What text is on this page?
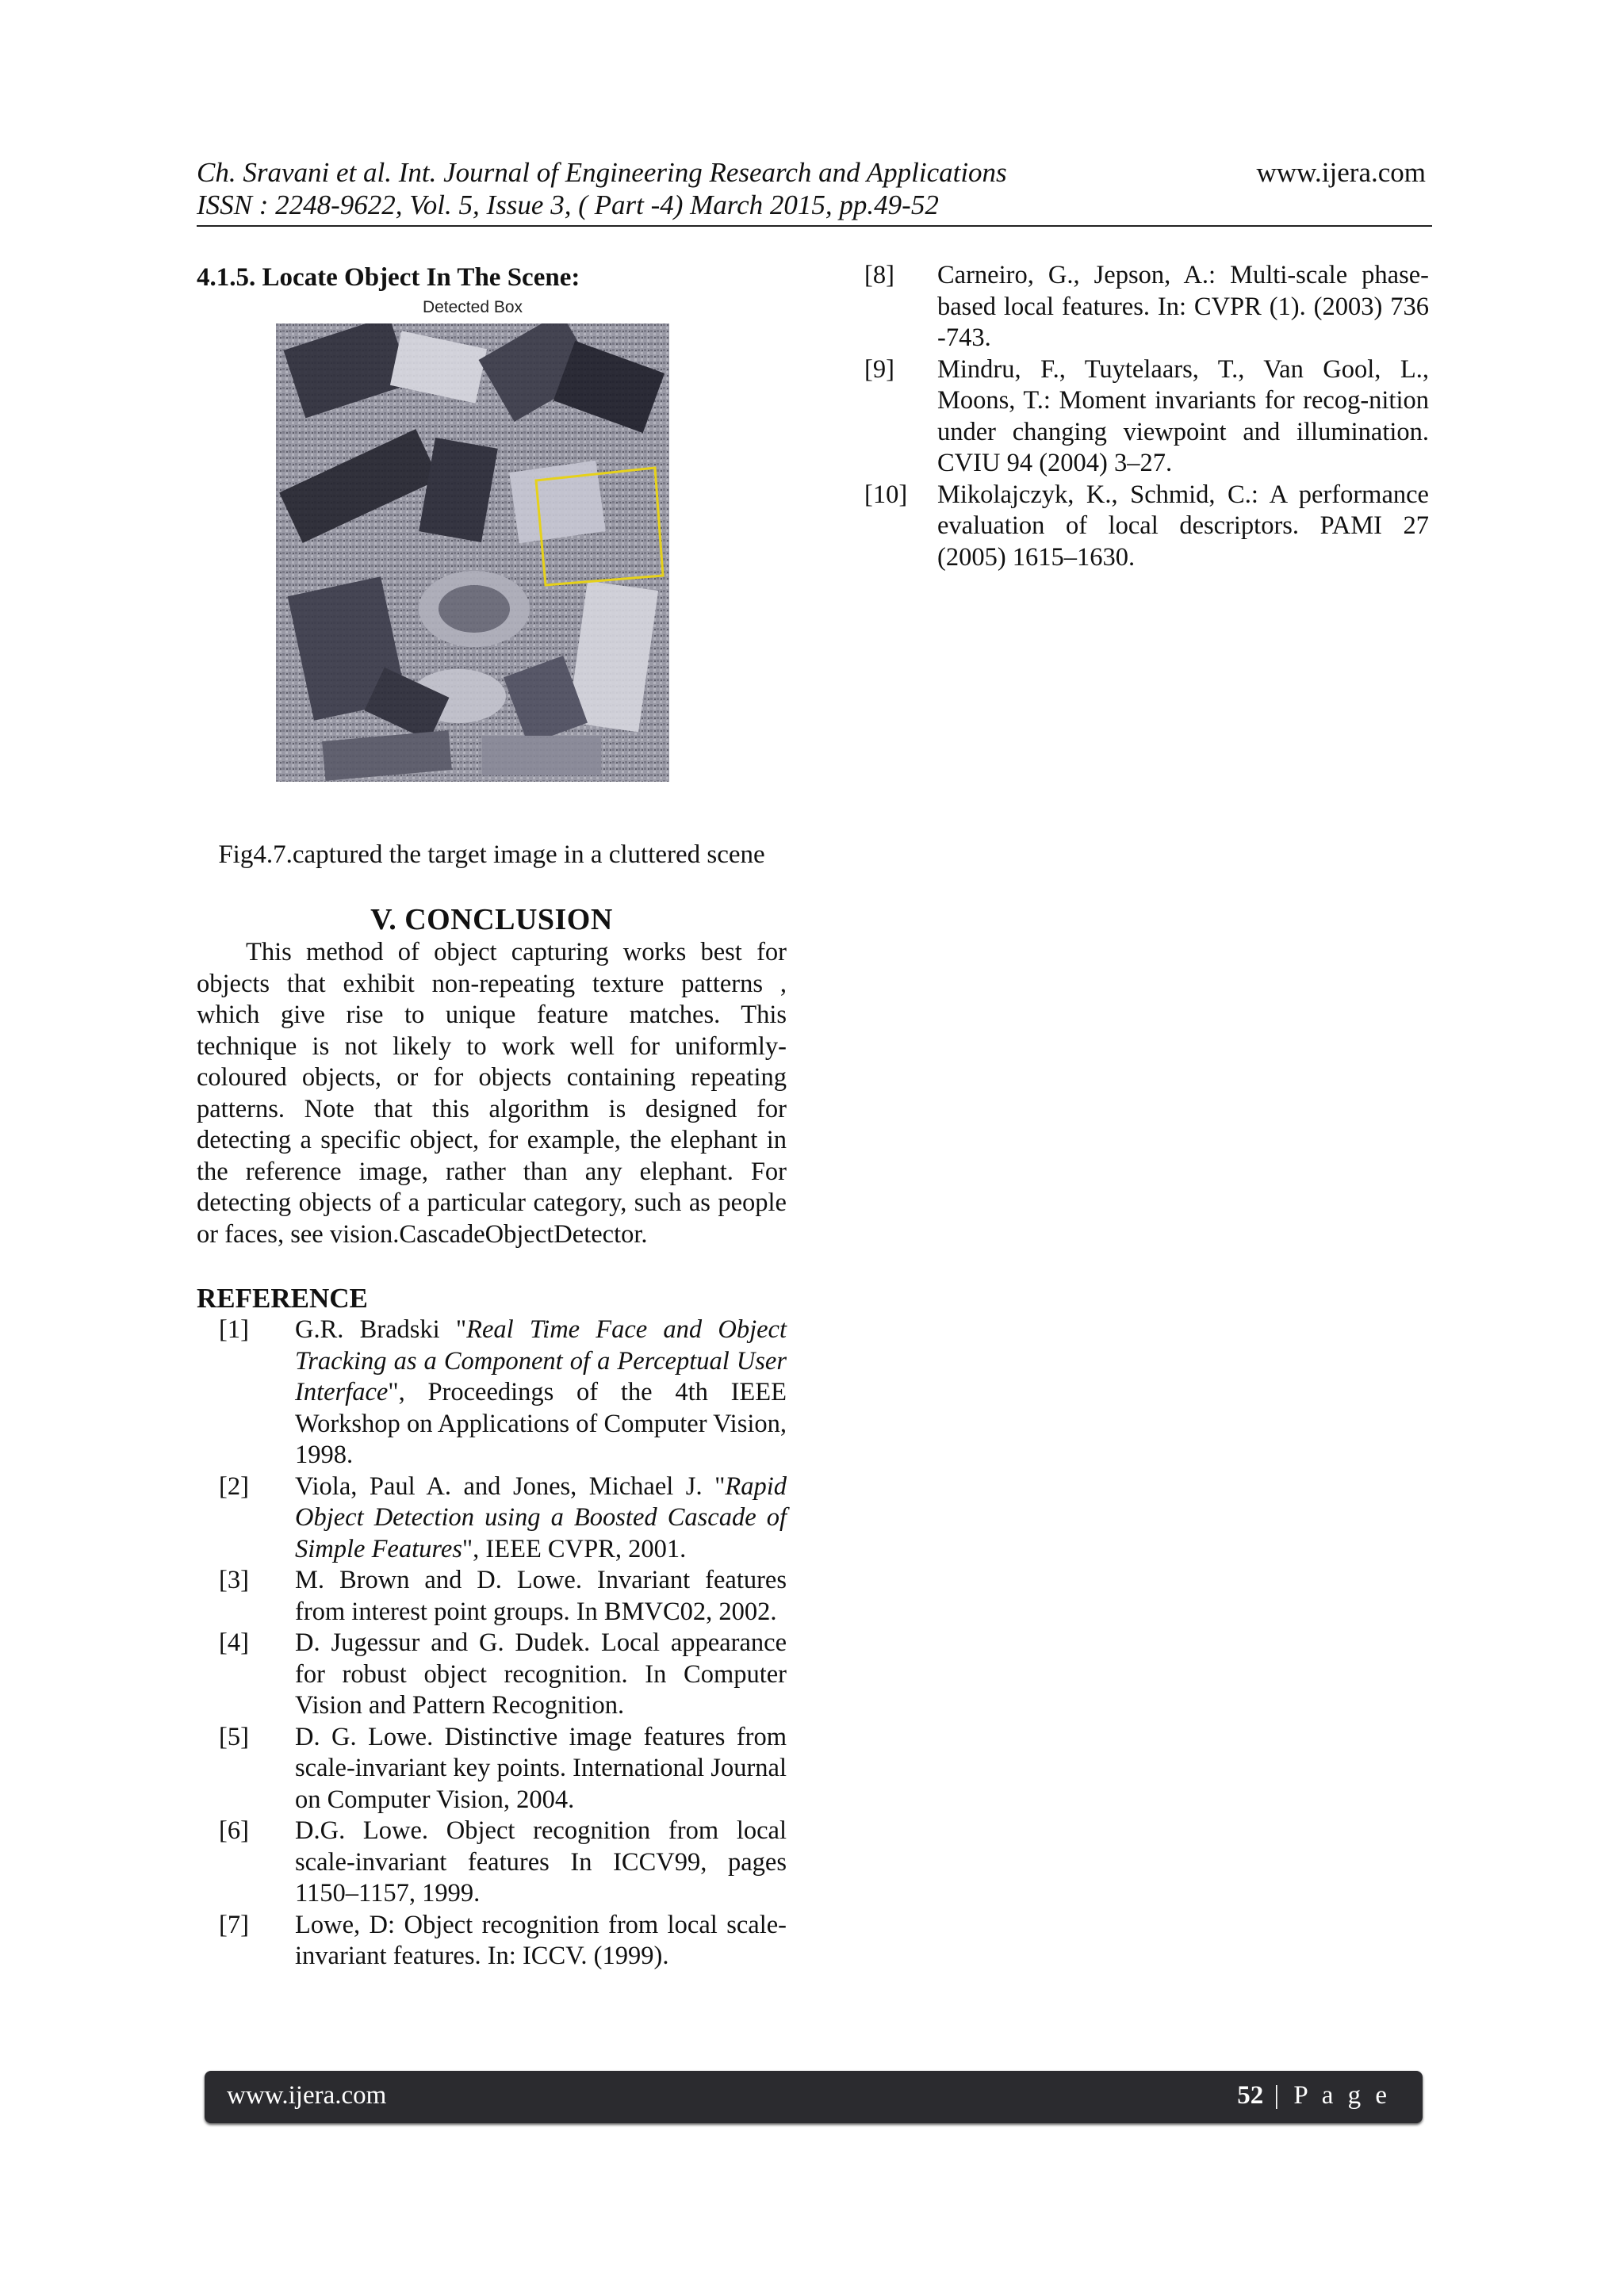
Ch. Sravani et al. Int. Journal of Engineering Research and Applications	www.ijera.com
ISSN : 2248-9622, Vol. 5, Issue 3, ( Part -4) March 2015, pp.49-52
4.1.5. Locate Object In The Scene:
Detected Box
Fig4.7.captured the target image in a cluttered scene
V. CONCLUSION

This method of object capturing works best for objects that exhibit non-repeating texture patterns , which give rise to unique feature matches. This technique is not likely to work well for uniformly-coloured objects, or for objects containing repeating patterns. Note that this algorithm is designed for detecting a specific object, for example, the elephant in the reference image, rather than any elephant. For detecting objects of a particular category, such as people or faces, see vision.CascadeObjectDetector.

REFERENCE
[1] G.R. Bradski "Real Time Face and Object Tracking as a Component of a Perceptual User Interface", Proceedings of the 4th IEEE Workshop on Applications of Computer Vision, 1998.
[2] Viola, Paul A. and Jones, Michael J. "Rapid Object Detection using a Boosted Cascade of Simple Features", IEEE CVPR, 2001.
[3] M. Brown and D. Lowe. Invariant features from interest point groups. In BMVC02, 2002.
[4] D. Jugessur and G. Dudek. Local appearance for robust object recognition. In Computer Vision and Pattern Recognition.
[5] D. G. Lowe. Distinctive image features from scale-invariant key points. International Journal on Computer Vision, 2004.
[6] D.G. Lowe. Object recognition from local scale-invariant features In ICCV99, pages 1150–1157, 1999.
[7] Lowe, D: Object recognition from local scale-invariant features. In: ICCV. (1999).
[8] Carneiro, G., Jepson, A.: Multi-scale phase-based local features. In: CVPR (1). (2003) 736 -743.
[9] Mindru, F., Tuytelaars, T., Van Gool, L., Moons, T.: Moment invariants for recog-nition under changing viewpoint and illumination. CVIU 94 (2004) 3–27.
[10] Mikolajczyk, K., Schmid, C.: A performance evaluation of local descriptors. PAMI 27 (2005) 1615–1630.
www.ijera.com	52 | P a g e
